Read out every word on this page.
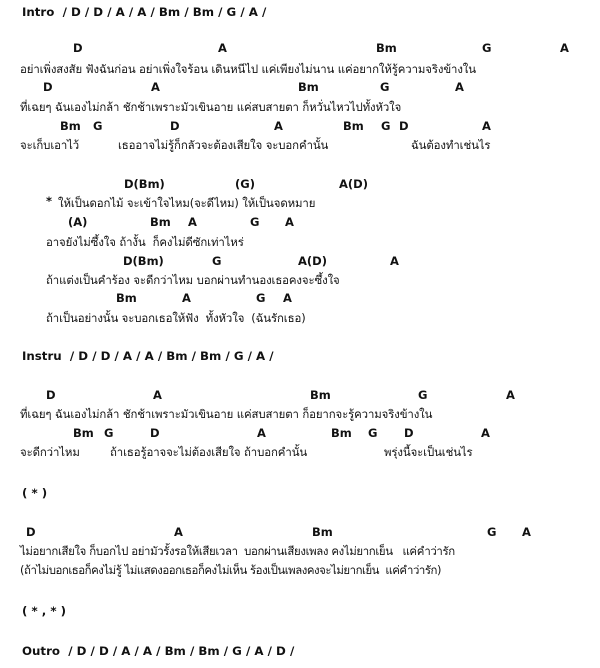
Intro / D / D / A / A / Bm / Bm / G / A /
D	A	Bm	G	A
อย่าเพิ่งสงสัย ฟังฉันก่อน อย่าเพิ่งใจร้อน เดินหนีไป แค่เพียงไม่นาน แค่อยากให้รู้ความจริงข้างใน
D	A	Bm	G	A
ที่เฉยๆ ฉันเองไม่กล้า ชักช้าเพราะมัวเขินอาย แค่สบสายตา ก็หวั่นไหวไปทั้งหัวใจ
Bm G	D	A	Bm G D	A
จะเก็บเอาไว้	เธออาจไม่รู้ก็กลัวจะต้องเสียใจ จะบอกคำนั้น	ฉันต้องทำเช่นไร
D(Bm)	(G)	A(D)
* ให้เป็นดอกไม้ จะเข้าใจไหม(จะดีไหม) ให้เป็นจดหมาย
(A)	Bm A	G A
อาจยังไม่ซึ้งใจ ถ้างั้น  ก็คงไม่ดีซักเท่าไหร่
D(Bm)	G	A(D)	A
ถ้าแต่งเป็นคำร้อง จะดีกว่าไหม บอกผ่านทำนองเธอคงจะซึ้งใจ
Bm	A	G A
ถ้าเป็นอย่างนั้น จะบอกเธอให้ฟัง  ทั้งหัวใจ  (ฉันรักเธอ)
Instru / D / D / A / A / Bm / Bm / G / A /
D	A	Bm	G	A
ที่เฉยๆ ฉันเองไม่กล้า ชักช้าเพราะมัวเขินอาย แค่สบสายตา ก็อยากจะรู้ความจริงข้างใน
Bm G	D	A	Bm G D	A
จะดีกว่าไหม	ถ้าเธอรู้อาจจะไม่ต้องเสียใจ ถ้าบอกคำนั้น	พรุ่งนี้จะเป็นเช่นไร
( * )
D	A	Bm	G A
ไม่อยากเสียใจ ก็บอกไป อย่ามัวรั้งรอให้เสียเวลา  บอกผ่านเสียงเพลง คงไม่ยากเย็น   แค่คำว่ารัก
(ถ้าไม่บอกเธอก็คงไม่รู้ ไม่แสดงออกเธอก็คงไม่เห็น ร้องเป็นเพลงคงจะไม่ยากเย็น  แค่คำว่ารัก)
( * , * )
Outro / D / D / A / A / Bm / Bm / G / A / D /
